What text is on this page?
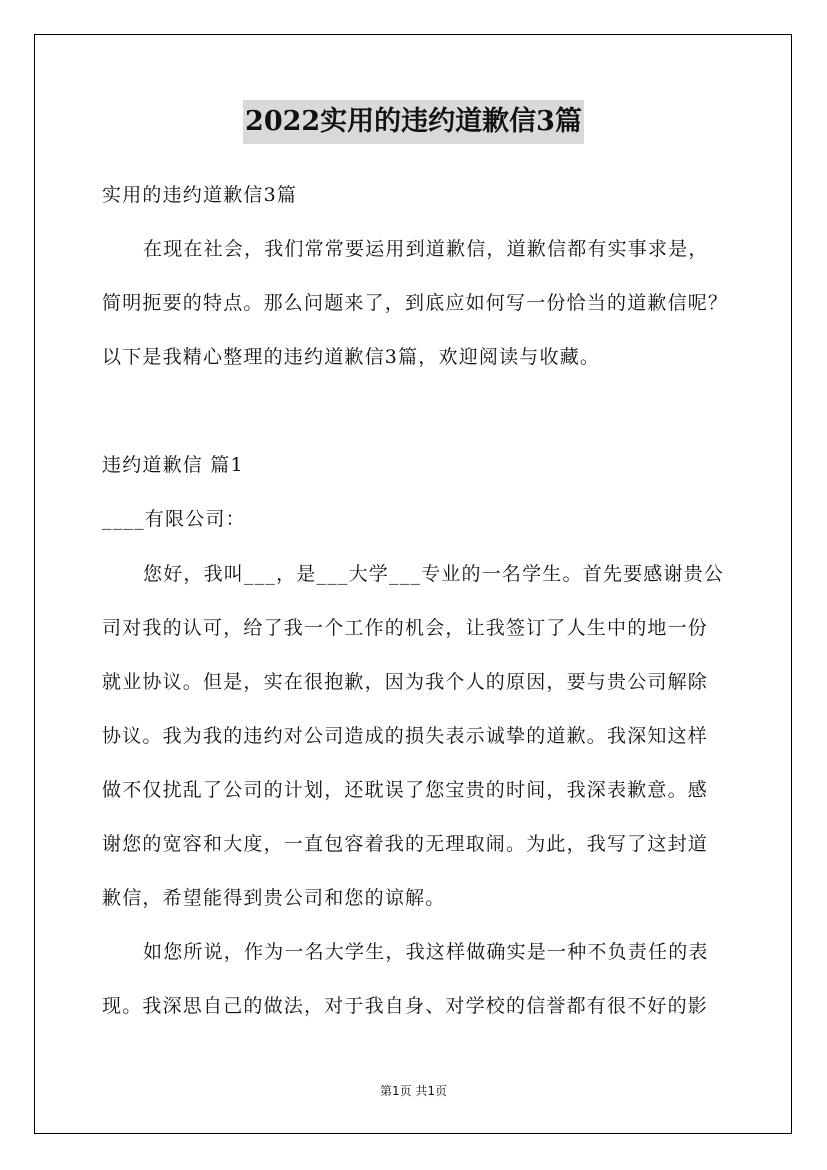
2022实用的违约道歉信3篇
实用的违约道歉信3篇
在现在社会，我们常常要运用到道歉信，道歉信都有实事求是，
简明扼要的特点。那么问题来了，到底应如何写一份恰当的道歉信呢？
以下是我精心整理的违约道歉信3篇，欢迎阅读与收藏。
违约道歉信 篇1
____有限公司：
您好，我叫___，是___大学___专业的一名学生。首先要感谢贵公
司对我的认可，给了我一个工作的机会，让我签订了人生中的地一份
就业协议。但是，实在很抱歉，因为我个人的原因，要与贵公司解除
协议。我为我的违约对公司造成的损失表示诚挚的道歉。我深知这样
做不仅扰乱了公司的计划，还耽误了您宝贵的时间，我深表歉意。感
谢您的宽容和大度，一直包容着我的无理取闹。为此，我写了这封道
歉信，希望能得到贵公司和您的谅解。
如您所说，作为一名大学生，我这样做确实是一种不负责任的表
现。我深思自己的做法，对于我自身、对学校的信誉都有很不好的影
第1页 共1页
